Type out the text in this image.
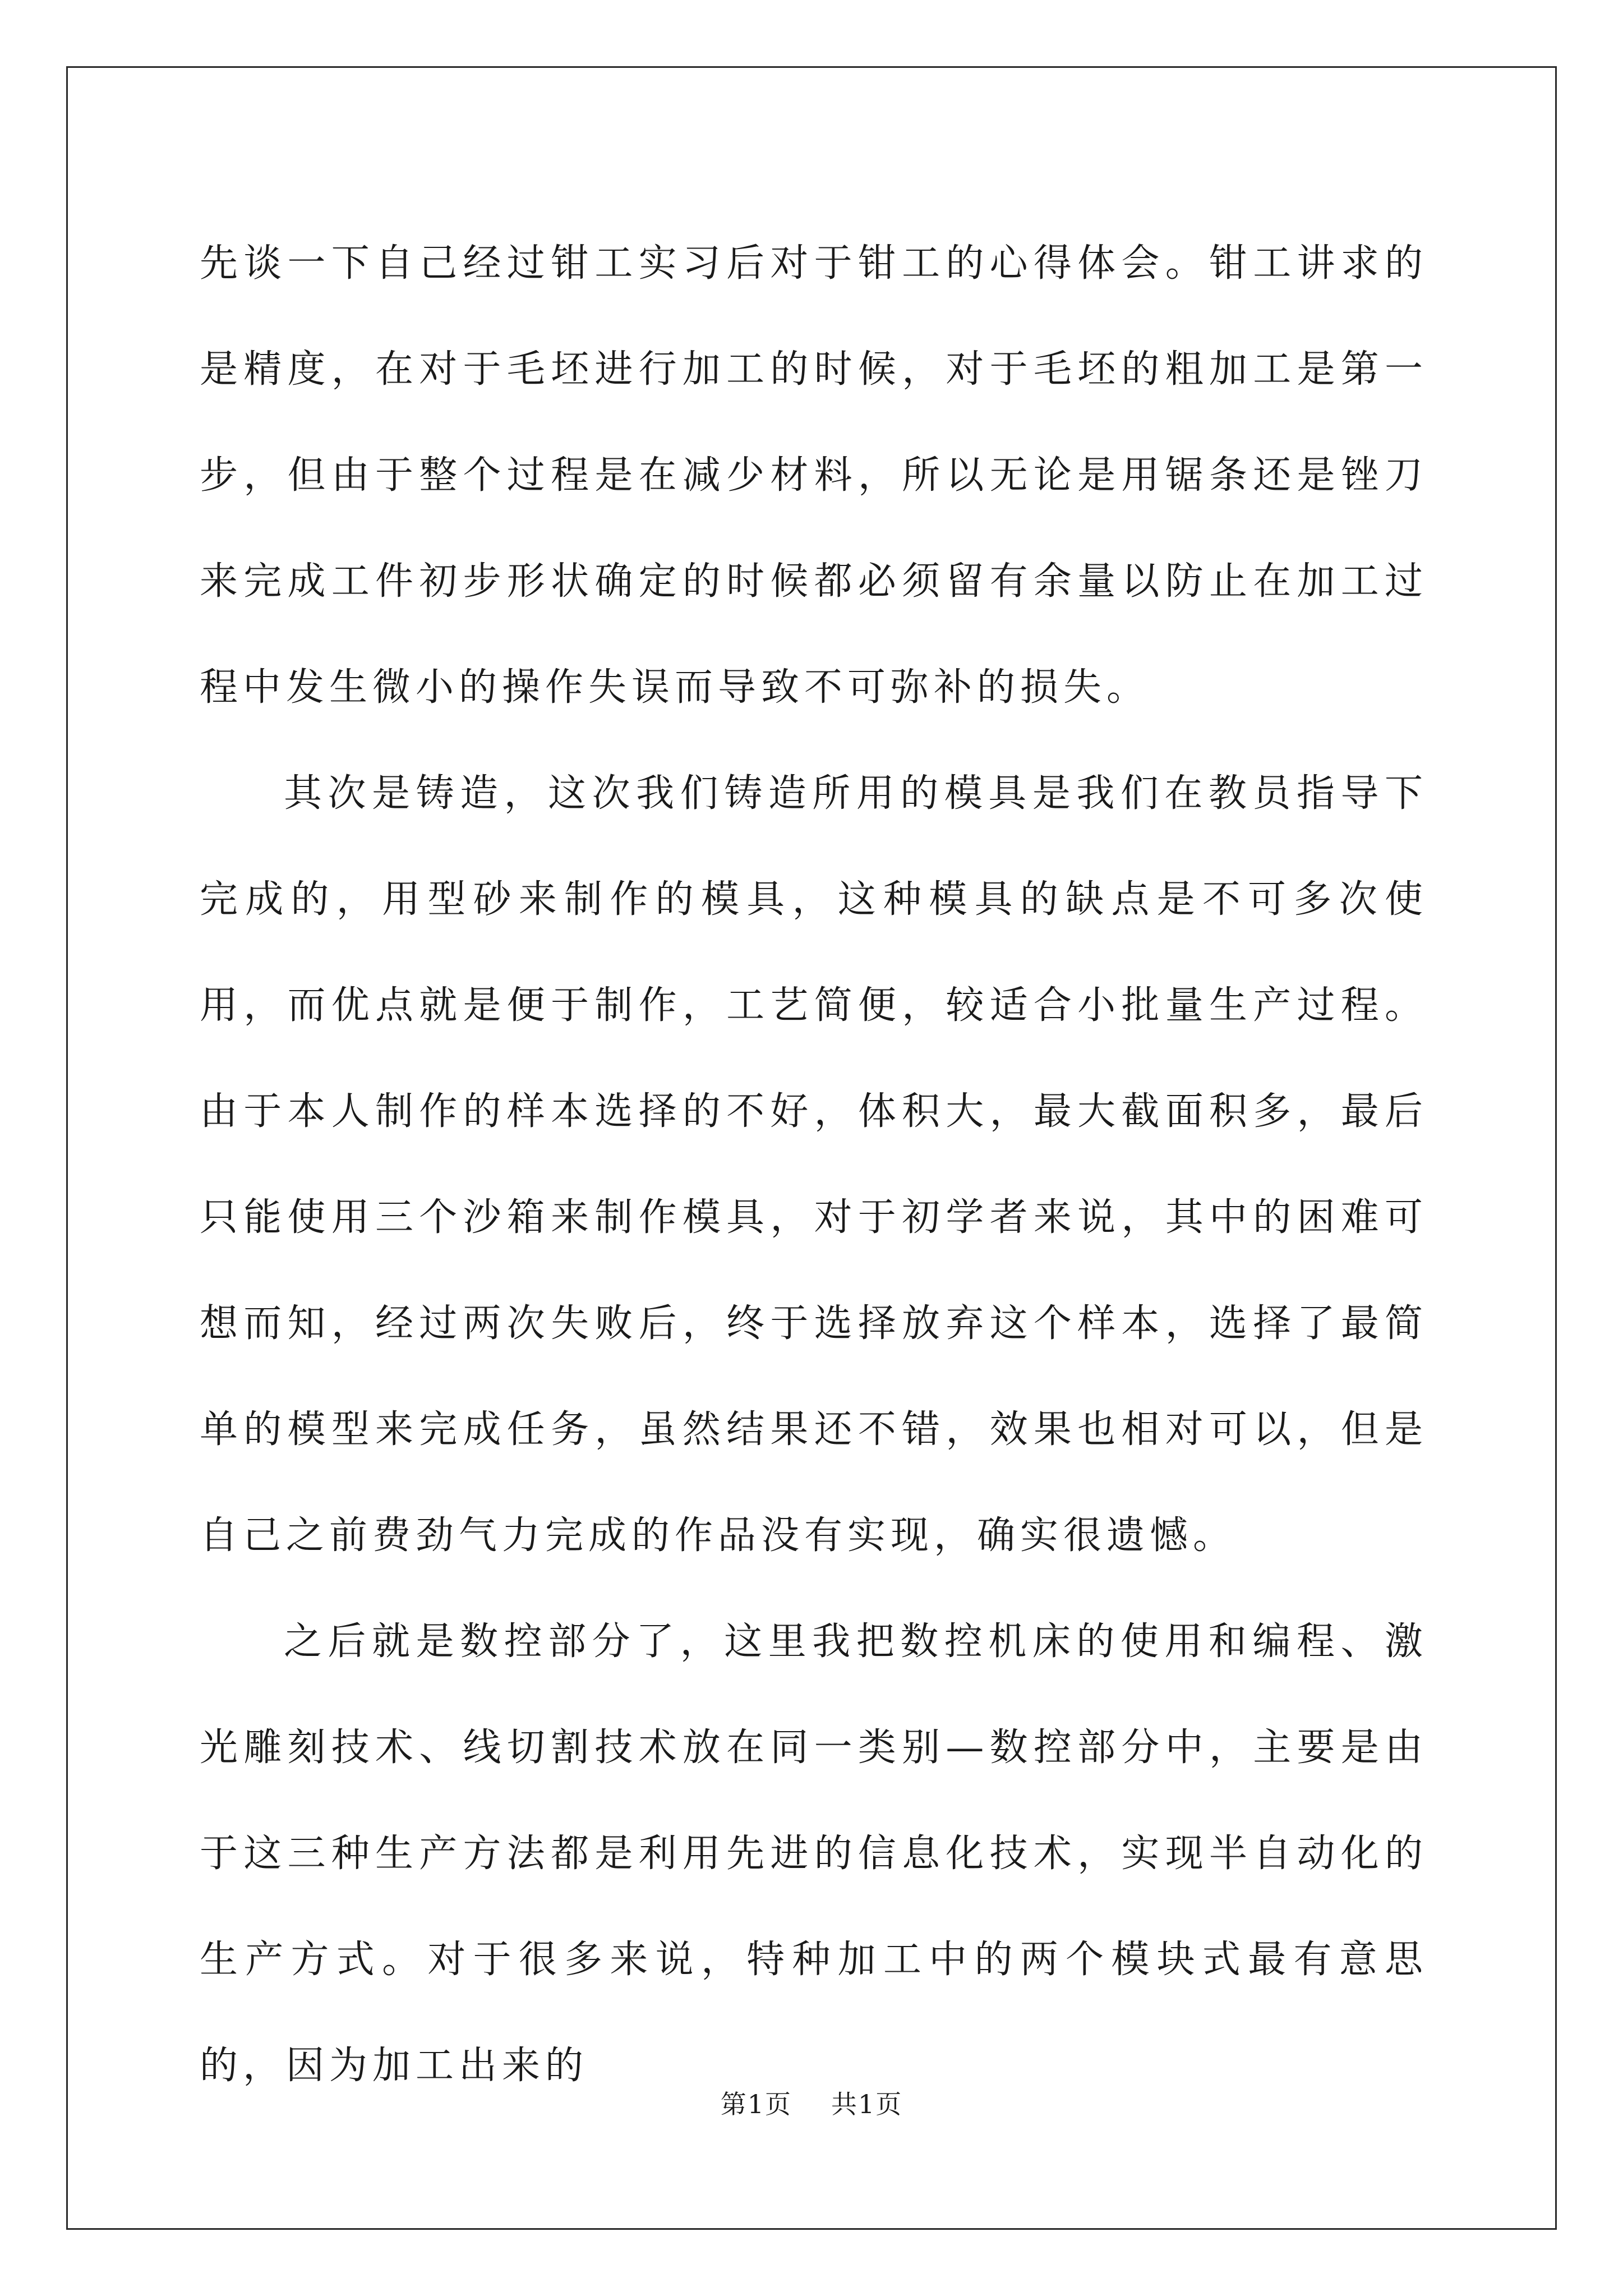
先谈一下自己经过钳工实习后对于钳工的心得体会。钳工讲求的是精度，在对于毛坯进行加工的时候，对于毛坯的粗加工是第一步，但由于整个过程是在减少材料，所以无论是用锯条还是锉刀来完成工件初步形状确定的时候都必须留有余量以防止在加工过程中发生微小的操作失误而导致不可弥补的损失。

其次是铸造，这次我们铸造所用的模具是我们在教员指导下完成的，用型砂来制作的模具，这种模具的缺点是不可多次使用，而优点就是便于制作，工艺简便，较适合小批量生产过程。由于本人制作的样本选择的不好，体积大，最大截面积多，最后只能使用三个沙箱来制作模具，对于初学者来说，其中的困难可想而知，经过两次失败后，终于选择放弃这个样本，选择了最简单的模型来完成任务，虽然结果还不错，效果也相对可以，但是自己之前费劲气力完成的作品没有实现，确实很遗憾。

之后就是数控部分了，这里我把数控机床的使用和编程、激光雕刻技术、线切割技术放在同一类别—数控部分中，主要是由于这三种生产方法都是利用先进的信息化技术，实现半自动化的生产方式。对于很多来说，特种加工中的两个模块式最有意思的，因为加工出来的

第1页 共1页
